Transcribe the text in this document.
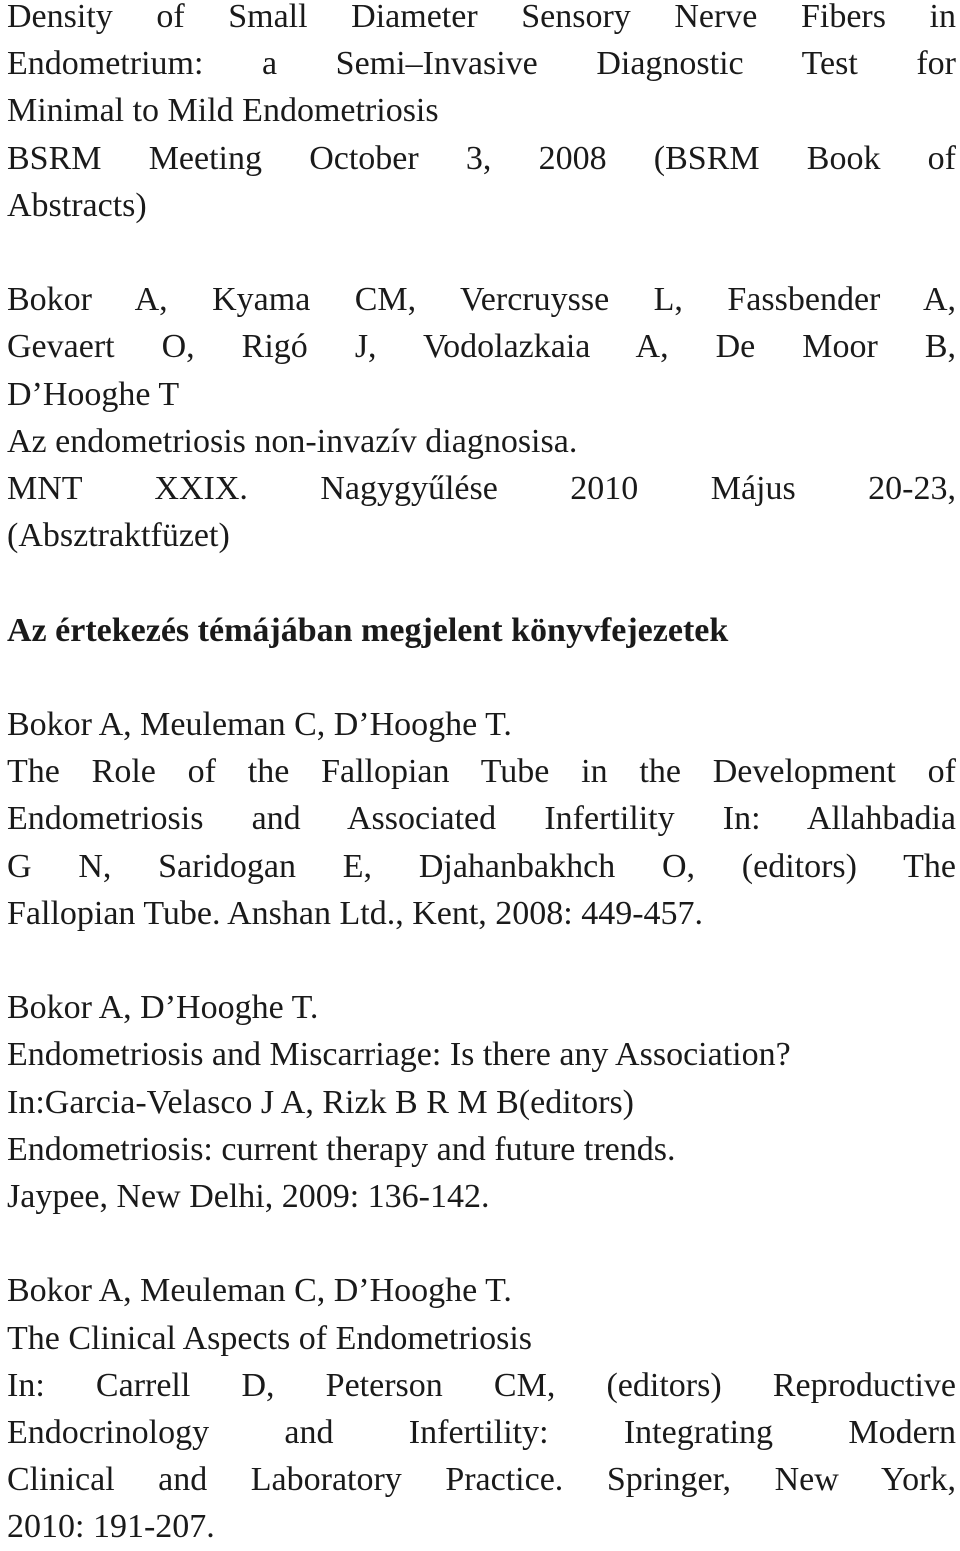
Density of Small Diameter Sensory Nerve Fibers in
Endometrium: a Semi–Invasive Diagnostic Test for
Minimal to Mild Endometriosis
BSRM Meeting October 3, 2008 (BSRM Book of
Abstracts)
Bokor A, Kyama CM, Vercruysse L, Fassbender A,
Gevaert O, Rigó J, Vodolazkaia A, De Moor B,
D’Hooghe T
Az endometriosis non-invazív diagnosisa.
MNT XXIX. Nagygyűlése 2010 Május 20-23,
(Absztraktfüzet)
Az értekezés témájában megjelent könyvfejezetek
Bokor A, Meuleman C, D’Hooghe T.
The Role of the Fallopian Tube in the Development of
Endometriosis and Associated Infertility In: Allahbadia
G N, Saridogan E, Djahanbakhch O, (editors) The
Fallopian Tube. Anshan Ltd., Kent, 2008: 449-457.
Bokor A, D’Hooghe T.
Endometriosis and Miscarriage: Is there any Association?
In:Garcia-Velasco J A, Rizk B R M B(editors)
Endometriosis: current therapy and future trends.
Jaypee, New Delhi, 2009: 136-142.
Bokor A, Meuleman C, D’Hooghe T.
The Clinical Aspects of Endometriosis
In: Carrell D, Peterson CM, (editors) Reproductive
Endocrinology and Infertility: Integrating Modern
Clinical and Laboratory Practice. Springer, New York,
2010: 191-207.
